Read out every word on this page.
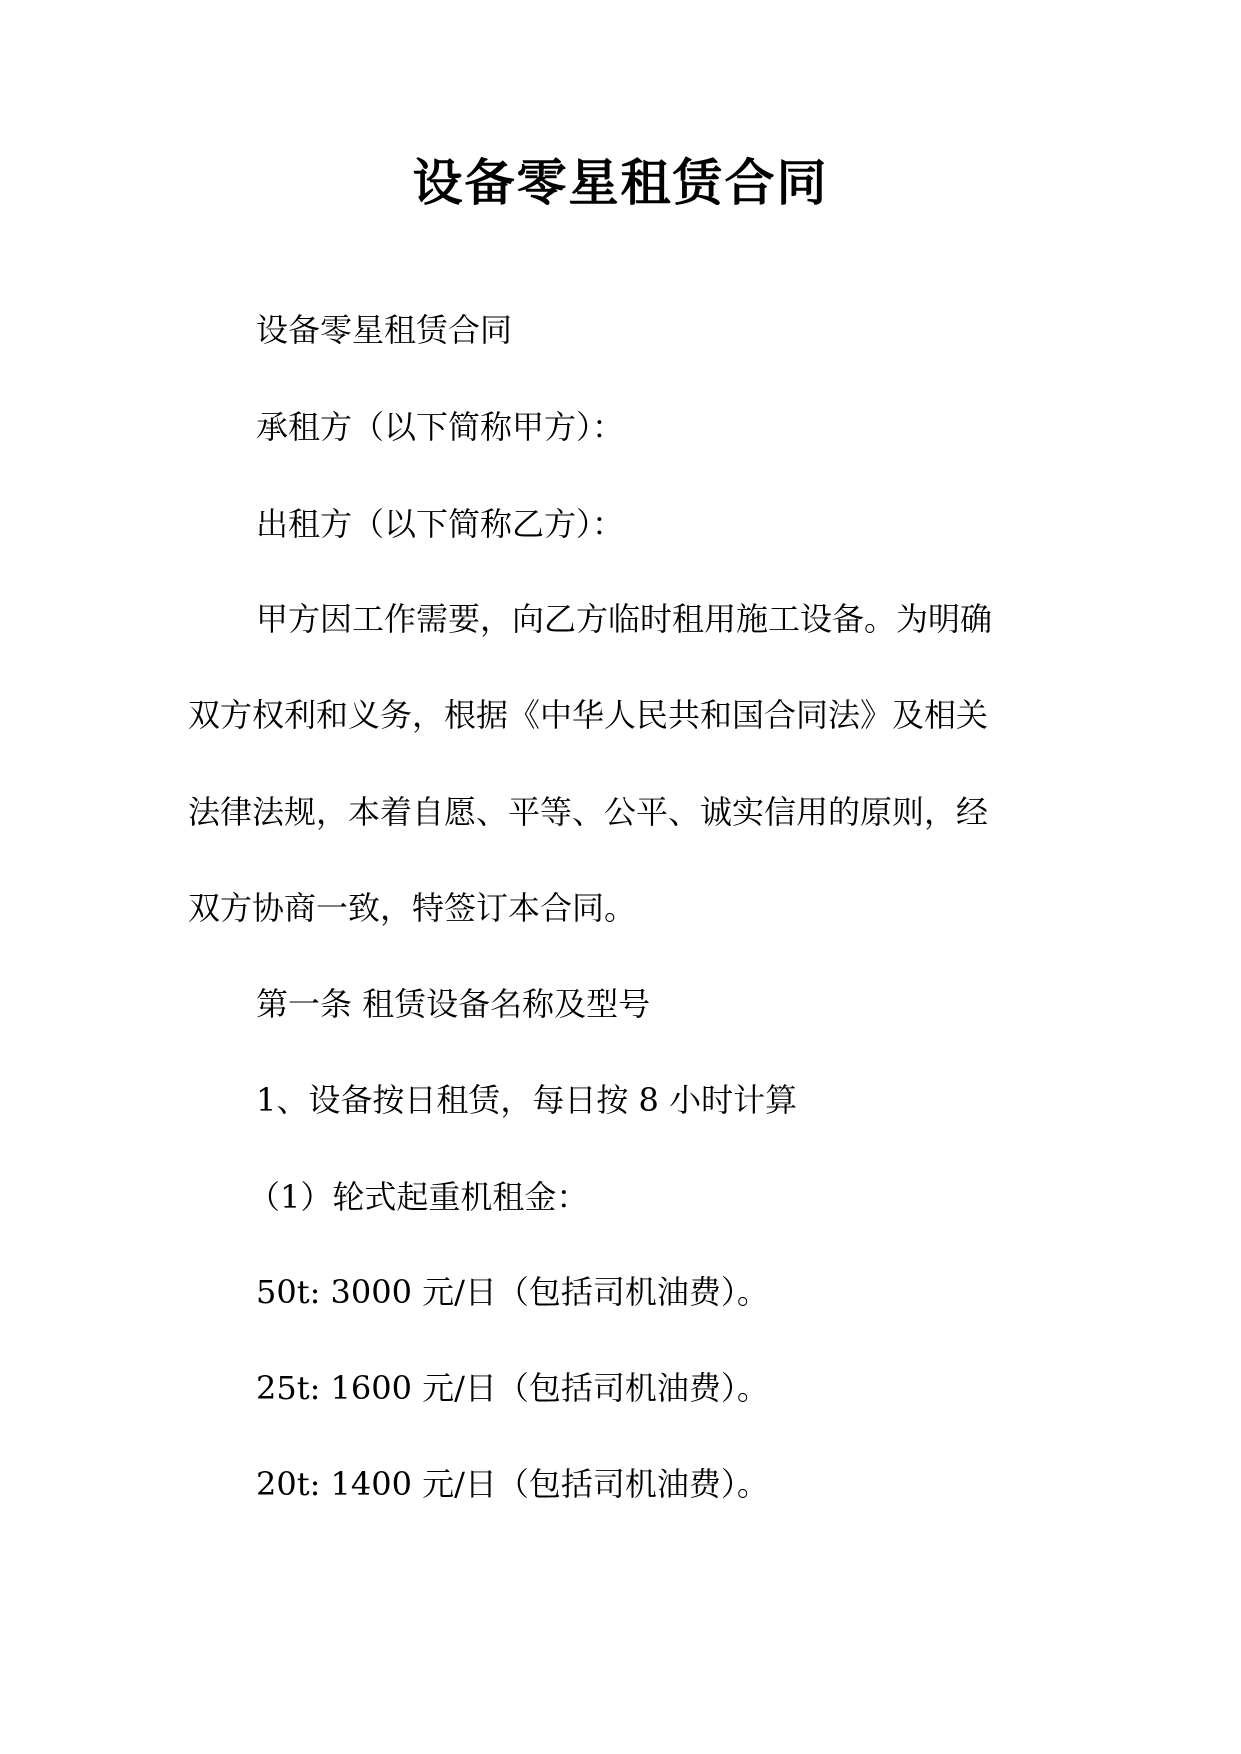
设备零星租赁合同

设备零星租赁合同

承租方（以下简称甲方）：

出租方（以下简称乙方）：

甲方因工作需要，向乙方临时租用施工设备。为明确

双方权利和义务，根据《中华人民共和国合同法》及相关

法律法规，本着自愿、平等、公平、诚实信用的原则，经

双方协商一致，特签订本合同。

第一条 租赁设备名称及型号

1、设备按日租赁，每日按 8 小时计算

（1）轮式起重机租金：

50t: 3000 元/日（包括司机油费）。

25t: 1600 元/日（包括司机油费）。

20t: 1400 元/日（包括司机油费）。
